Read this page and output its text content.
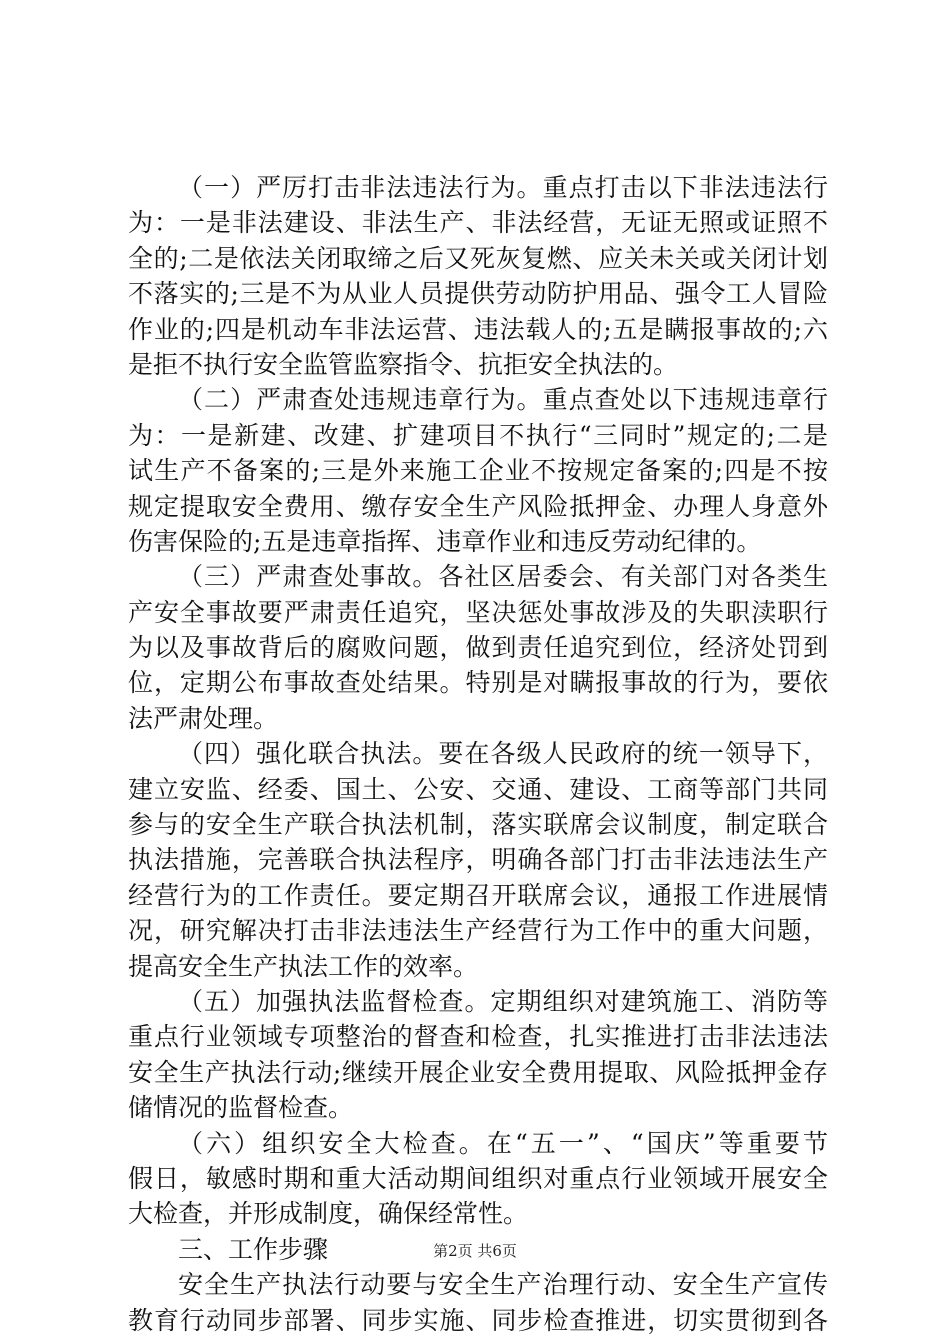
（一）严厉打击非法违法行为。重点打击以下非法违法行
为：一是非法建设、非法生产、非法经营，无证无照或证照不
全的;二是依法关闭取缔之后又死灰复燃、应关未关或关闭计划
不落实的;三是不为从业人员提供劳动防护用品、强令工人冒险
作业的;四是机动车非法运营、违法载人的;五是瞒报事故的;六
是拒不执行安全监管监察指令、抗拒安全执法的。
（二）严肃查处违规违章行为。重点查处以下违规违章行
为：一是新建、改建、扩建项目不执行“三同时”规定的;二是
试生产不备案的;三是外来施工企业不按规定备案的;四是不按
规定提取安全费用、缴存安全生产风险抵押金、办理人身意外
伤害保险的;五是违章指挥、违章作业和违反劳动纪律的。
（三）严肃查处事故。各社区居委会、有关部门对各类生
产安全事故要严肃责任追究，坚决惩处事故涉及的失职渎职行
为以及事故背后的腐败问题，做到责任追究到位，经济处罚到
位，定期公布事故查处结果。特别是对瞒报事故的行为，要依
法严肃处理。
（四）强化联合执法。要在各级人民政府的统一领导下，
建立安监、经委、国土、公安、交通、建设、工商等部门共同
参与的安全生产联合执法机制，落实联席会议制度，制定联合
执法措施，完善联合执法程序，明确各部门打击非法违法生产
经营行为的工作责任。要定期召开联席会议，通报工作进展情
况，研究解决打击非法违法生产经营行为工作中的重大问题，
提高安全生产执法工作的效率。
（五）加强执法监督检查。定期组织对建筑施工、消防等
重点行业领域专项整治的督查和检查，扎实推进打击非法违法
安全生产执法行动;继续开展企业安全费用提取、风险抵押金存
储情况的监督检查。
（六）组织安全大检查。在“五一”、“国庆”等重要节
假日，敏感时期和重大活动期间组织对重点行业领域开展安全
大检查，并形成制度，确保经常性。
三、工作步骤
安全生产执法行动要与安全生产治理行动、安全生产宣传
教育行动同步部署、同步实施、同步检查推进，切实贯彻到各
第2页 共6页
